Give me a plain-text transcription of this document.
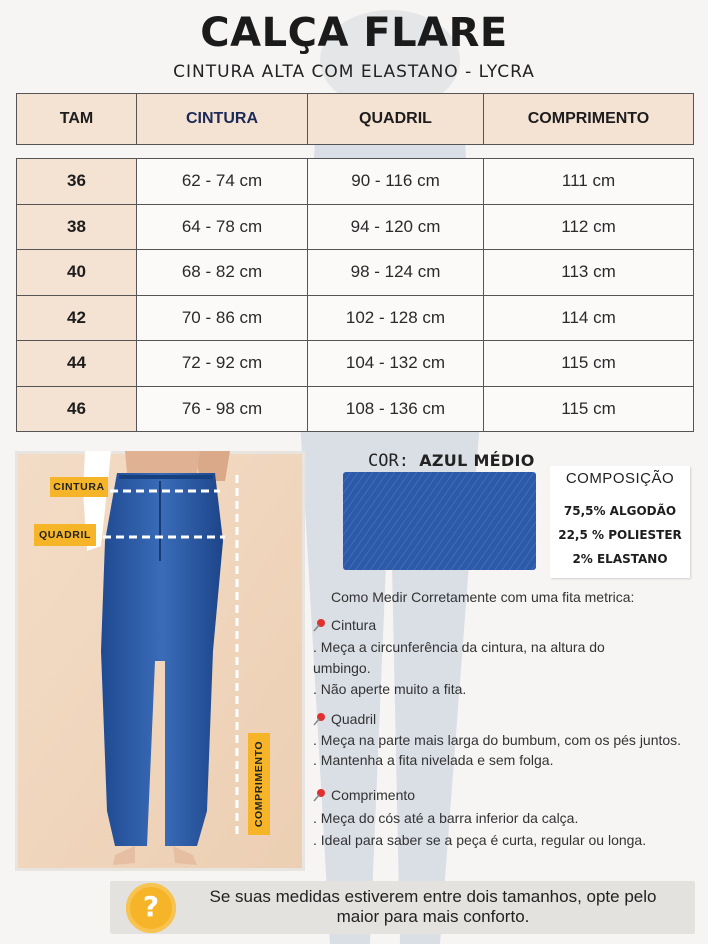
CALÇA FLARE
CINTURA ALTA COM ELASTANO - LYCRA
TAM	CINTURA	QUADRIL	COMPRIMENTO
36	62 - 74 cm	90 - 116 cm	111 cm
38	64 - 78 cm	94 - 120 cm	112 cm
40	68 - 82 cm	98 - 124 cm	113 cm
42	70 - 86 cm	102 - 128 cm	114 cm
44	72 - 92 cm	104 - 132 cm	115 cm
46	76 - 98 cm	108 - 136 cm	115 cm
CINTURA
QUADRIL
COMPRIMENTO
COR: AZUL MÉDIO
COMPOSIÇÃO
75,5% ALGODÃO
22,5 % POLIESTER
2% ELASTANO
Como Medir Corretamente com uma fita metrica:
Cintura
. Meça a circunferência da cintura, na altura do
umbingo.
. Não aperte muito a fita.
Quadril
. Meça na parte mais larga do bumbum, com os pés juntos.
. Mantenha a fita nivelada e sem folga.
Comprimento
. Meça do cós até a barra inferior da calça.
. Ideal para saber se a peça é curta, regular ou longa.
?	Se suas medidas estiverem entre dois tamanhos, opte pelo maior para mais conforto.
